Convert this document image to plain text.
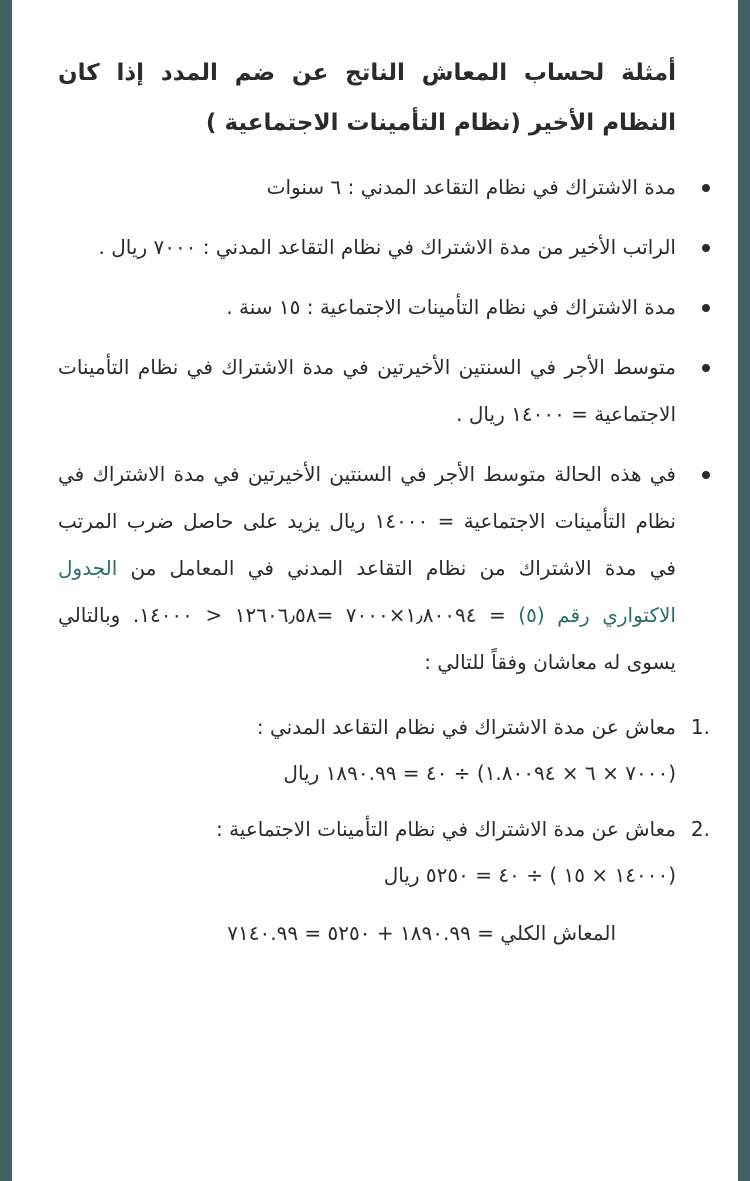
أمثلة لحساب المعاش الناتج عن ضم المدد إذا كان النظام الأخير (نظام التأمينات الاجتماعية )
مدة الاشتراك في نظام التقاعد المدني : ٦ سنوات
الراتب الأخير من مدة الاشتراك في نظام التقاعد المدني : ٧٠٠٠ ريال .
مدة الاشتراك في نظام التأمينات الاجتماعية : ١٥ سنة .
متوسط الأجر في السنتين الأخيرتين في مدة الاشتراك في نظام التأمينات الاجتماعية = ١٤٠٠٠ ريال .
في هذه الحالة متوسط الأجر في السنتين الأخيرتين في مدة الاشتراك في نظام التأمينات الاجتماعية = ١٤٠٠٠ ريال يزيد على حاصل ضرب المرتب في مدة الاشتراك من نظام التقاعد المدني في المعامل من الجدول الاكتواري رقم (٥) = ١٫٨٠٠٩٤×٧٠٠٠ =١٢٦٠٦٫٥٨ < ١٤٠٠٠. وبالتالي يسوى له معاشان وفقاً للتالي :
1.
معاش عن مدة الاشتراك في نظام التقاعد المدني :
(٧٠٠٠ × ٦ × ١.٨٠٠٩٤) ÷ ٤٠ = ١٨٩٠.٩٩ ريال
2.
معاش عن مدة الاشتراك في نظام التأمينات الاجتماعية :
(١٤٠٠٠ × ١٥ ) ÷ ٤٠ = ٥٢٥٠ ريال
المعاش الكلي = ١٨٩٠.٩٩ + ٥٢٥٠ = ٧١٤٠.٩٩
